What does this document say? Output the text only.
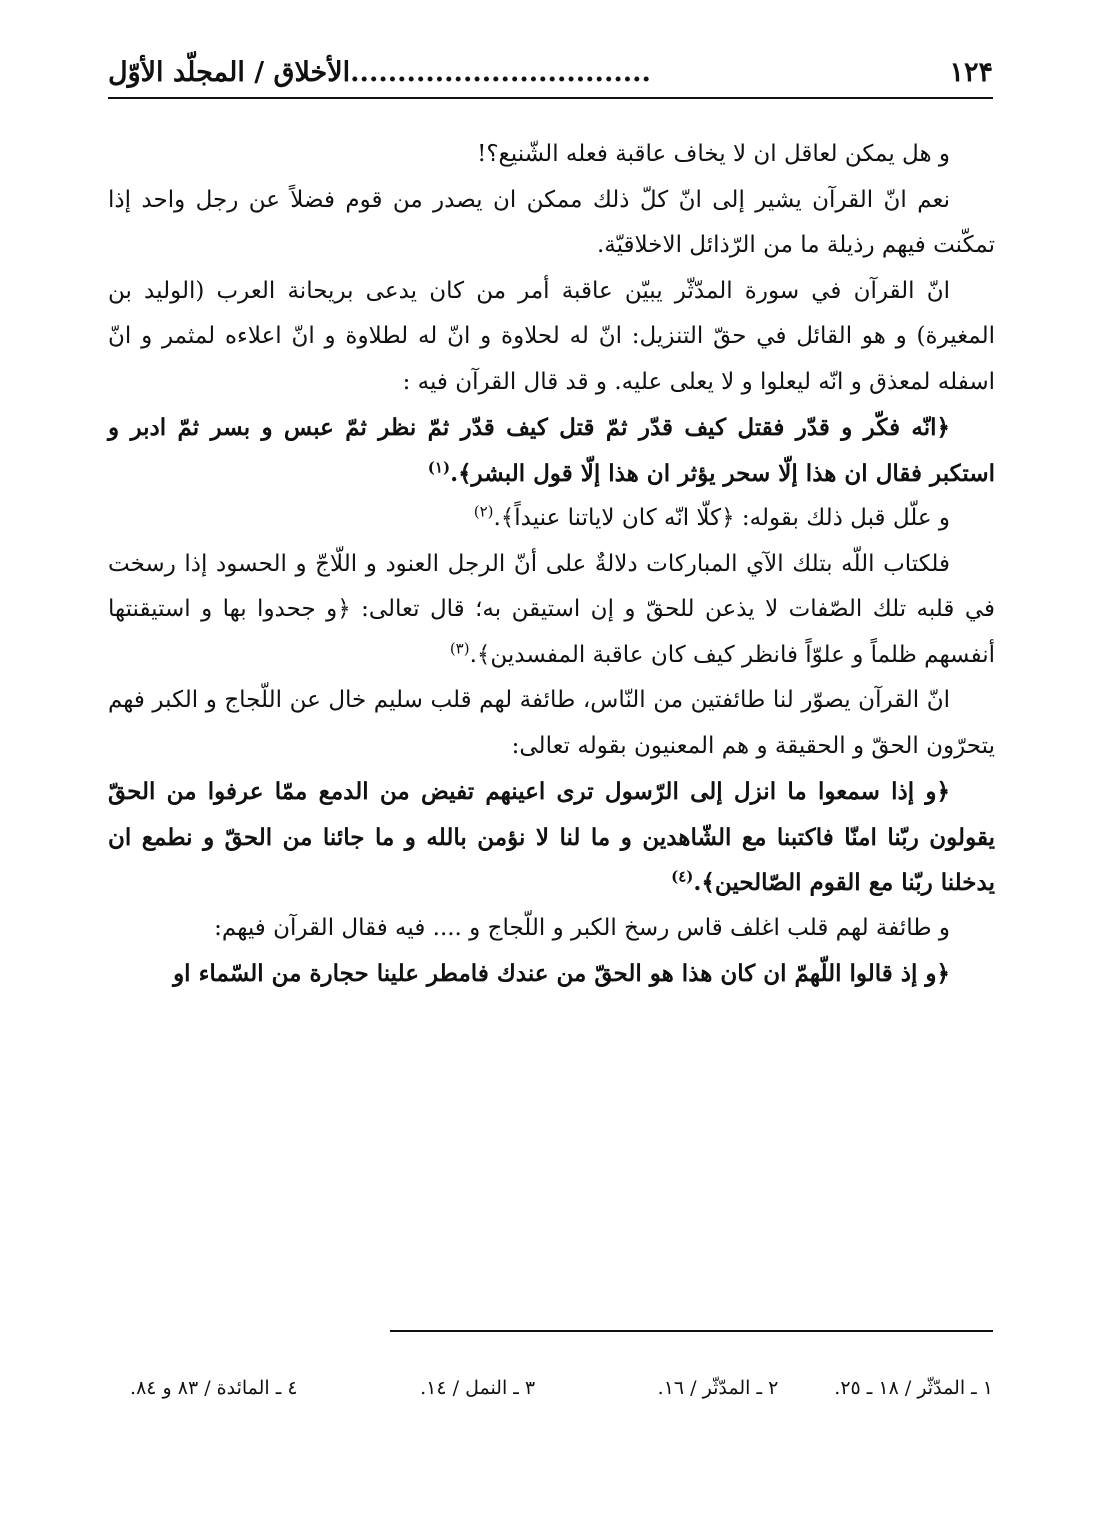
١٢۴
................................الأخلاق / المجلّد الأوّل

و هل يمكن لعاقل ان لا يخاف عاقبة فعله الشّنيع؟!

نعم انّ القرآن يشير إلى انّ كلّ ذلك ممكن ان يصدر من قوم فضلاً عن رجل واحد إذا تمكّنت فيهم رذيلة ما من الرّذائل الاخلاقيّة.

انّ القرآن في سورة المدّثّر يبيّن عاقبة أمر من كان يدعى بريحانة العرب (الوليد بن المغيرة) و هو القائل في حقّ التنزيل: انّ له لحلاوة و انّ له لطلاوة و انّ اعلاءه لمثمر و انّ اسفله لمعذق و انّه ليعلوا و لا يعلى عليه. و قد قال القرآن فيه :

﴿انّه فكّر و قدّر فقتل كيف قدّر ثمّ قتل كيف قدّر ثمّ نظر ثمّ عبس و بسر ثمّ ادبر و استكبر فقال ان هذا إلّا سحر يؤثر ان هذا إلّا قول البشر﴾.$^{(١)}$

و علّل قبل ذلك بقوله: ﴿كلّا انّه كان لاياتنا عنيداً﴾.$^{(٢)}$

فلكتاب اللّه بتلك الآي المباركات دلالةٌ على أنّ الرجل العنود و اللّاجّ و الحسود إذا رسخت في قلبه تلك الصّفات لا يذعن للحقّ و إن استيقن به؛ قال تعالى: ﴿و جحدوا بها و استيقنتها أنفسهم ظلماً و علوّاً فانظر كيف كان عاقبة المفسدين﴾.$^{(٣)}$

انّ القرآن يصوّر لنا طائفتين من النّاس، طائفة لهم قلب سليم خال عن اللّجاج و الكبر فهم يتحرّون الحقّ و الحقيقة و هم المعنيون بقوله تعالى:

﴿و إذا سمعوا ما انزل إلى الرّسول ترى اعينهم تفيض من الدمع ممّا عرفوا من الحقّ يقولون ربّنا امنّا فاكتبنا مع الشّاهدين و ما لنا لا نؤمن بالله و ما جائنا من الحقّ و نطمع ان يدخلنا ربّنا مع القوم الصّالحين﴾.$^{(٤)}$

و طائفة لهم قلب اغلف قاس رسخ الكبر و اللّجاج و .... فيه فقال القرآن فيهم:

﴿و إذ قالوا اللّهمّ ان كان هذا هو الحقّ من عندك فامطر علينا حجارة من السّماء او

١ ـ المدّثّر / ١٨ ـ ٢٥.
٢ ـ المدّثّر / ١٦.
٣ ـ النمل / ١٤.
٤ ـ المائدة / ٨٣ و ٨٤.
